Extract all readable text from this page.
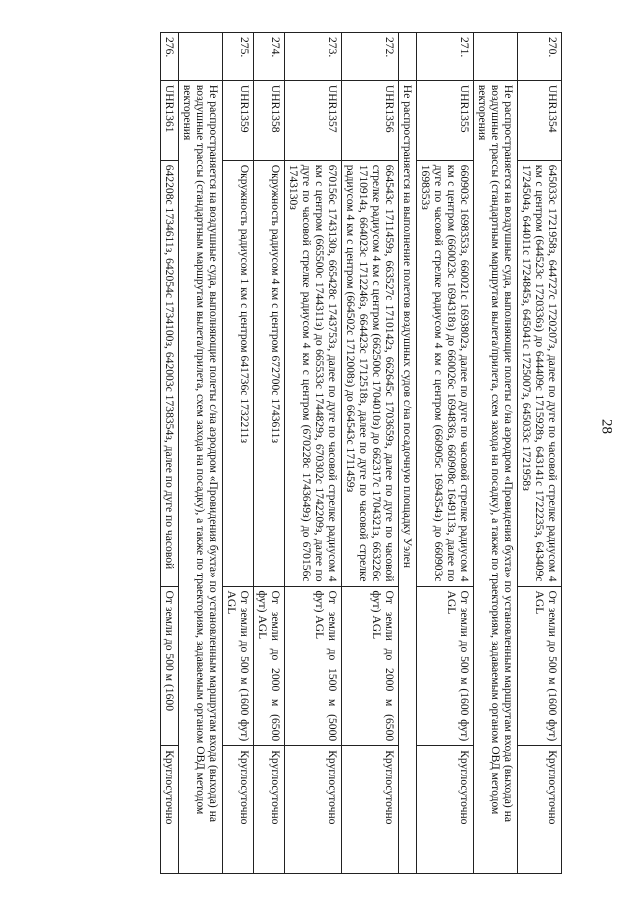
28
270.	UHR1354	645033с 1721958з, 644727с 1720207з, далее по дуге по часовой стрелке радиусом 4 км с центром (644523с 1720336з) до 644409с 1715928з, 643141с 1722235з, 643409с 1724504з, 644011с 1724845з, 645041с 1725007з, 645033с 1721958з	От земли до 500 м (1600 фут) AGL	Круглосуточно
	Не распространяется на воздушные суда, выполняющие полеты с/на аэродром «Провидения бухта» по установленным маршрутам входа (выхода) на воздушные трассы (стандартным маршрутам вылета/прилета, схем захода на посадку), а также по траекториям, задаваемым органом ОВД методом векторения			
271.	UHR1355	660903с 1698353з, 660021с 1693802з, далее по дуге по часовой стрелке радиусом 4 км с центром (660023с 1694318з) до 660026с 1694836з, 660908с 1649113з, далее по дуге по часовой стрелке радиусом 4 км с центром (660905с 1694354з) до 660903с 1698353з	От земли до 500 м (1600 фут) AGL	Круглосуточно
	Не распространяется на выполнение полетов воздушных судов с/на посадочную площадку Уэлен			
272.	UHR1356	664543с 1711459з, 663527с 1710142з, 662645с 1703659з, далее по дуге по часовой стрелке радиусом 4 км с центром (662500с 1704010з) до 662317с 1704321з, 663226с 1710914з, 664023с 1712246з, 664423с 1712518з, далее по дуге по часовой стрелке радиусом 4 км с центром (664502с 1712008з) до 664543с 1711459з	От земли до 2000 м (6500 фут) AGL	Круглосуточно
273.	UHR1357	670156с 1743130з, 665428с 1743753з, далее по дуге по часовой стрелке радиусом 4 км с центром (665500с 1744311з) до 665533с 1744829з, 670302с 1742209з, далее по дуге по часовой стрелке радиусом 4 км с центром (670228с 1743649з) до 670156с 1743130з	От земли до 1500 м (5000 фут) AGL	Круглосуточно
274.	UHR1358	Окружность радиусом 4 км с центром 672700с 1743611з	От земли до 2000 м (6500 фут) AGL	Круглосуточно
275.	UHR1359	Окружность радиусом 1 км с центром 641736с 1732211з	От земли до 500 м (1600 фут) AGL	Круглосуточно
	Не распространяется на воздушные суда, выполняющие полеты с/на аэродром «Провидения бухта» по установленным маршрутам входа (выхода) на воздушные трассы (стандартным маршрутам вылета/прилета, схем захода на посадку), а также по траекториям, задаваемым органом ОВД методом векторения			
276.	UHR1361	642208с 1734611з, 642054с 1734100з, 642003с 1738354з, далее по дуге по часовой	От земли до 500 м (1600	Круглосуточно
